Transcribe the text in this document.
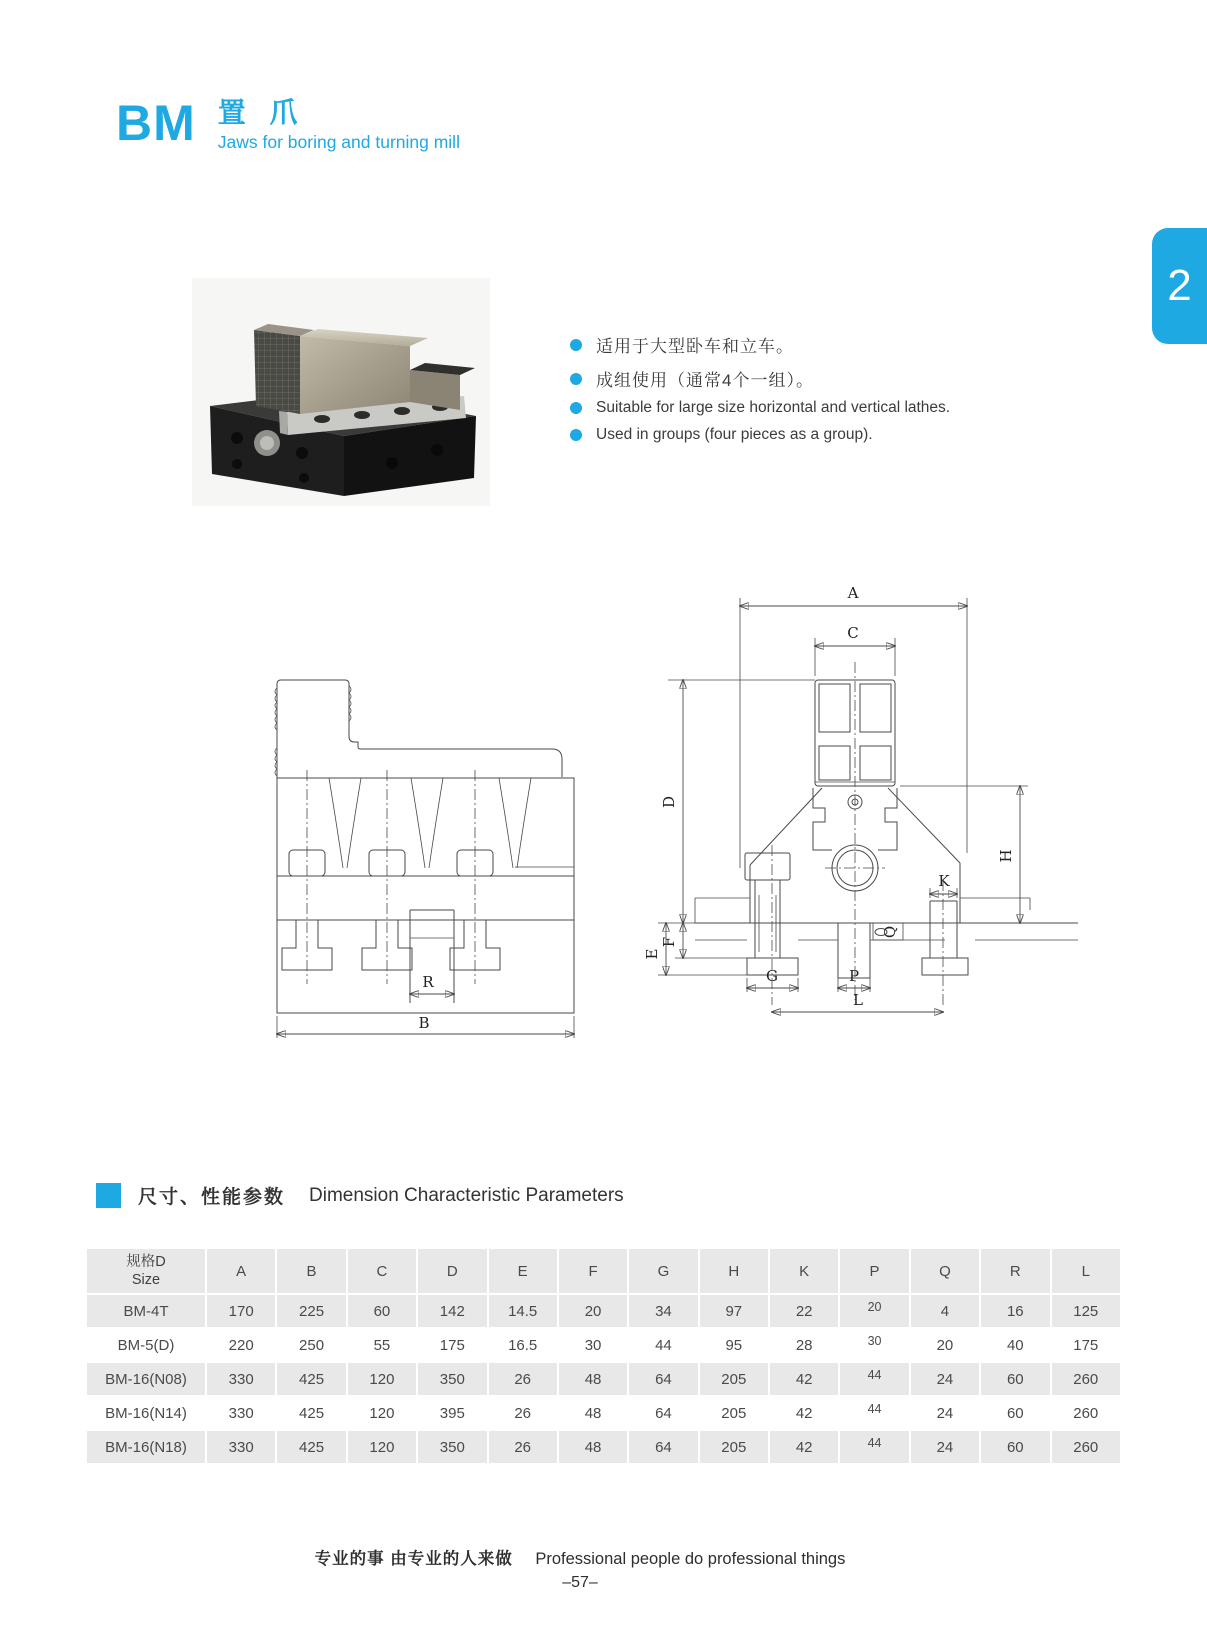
BM 置 爪
Jaws for boring and turning mill
2
适用于大型卧车和立车。
成组使用（通常4个一组）。
Suitable for large size horizontal and vertical lathes.
Used in groups (four pieces as a group).
R
B
A
C
D
G	P
Q
K
H
F
E
L
尺寸、性能参数 Dimension Characteristic Parameters
规格D
Size	A	B	C	D	E	F	G	H	K	P	Q	R	L
BM-4T	170	225	60	142	14.5	20	34	97	22	20	4	16	125
BM-5(D)	220	250	55	175	16.5	30	44	95	28	30	20	40	175
BM-16(N08)	330	425	120	350	26	48	64	205	42	44	24	60	260
BM-16(N14)	330	425	120	395	26	48	64	205	42	44	24	60	260
BM-16(N18)	330	425	120	350	26	48	64	205	42	44	24	60	260
专业的事 由专业的人来做 Professional people do professional things
–57–
